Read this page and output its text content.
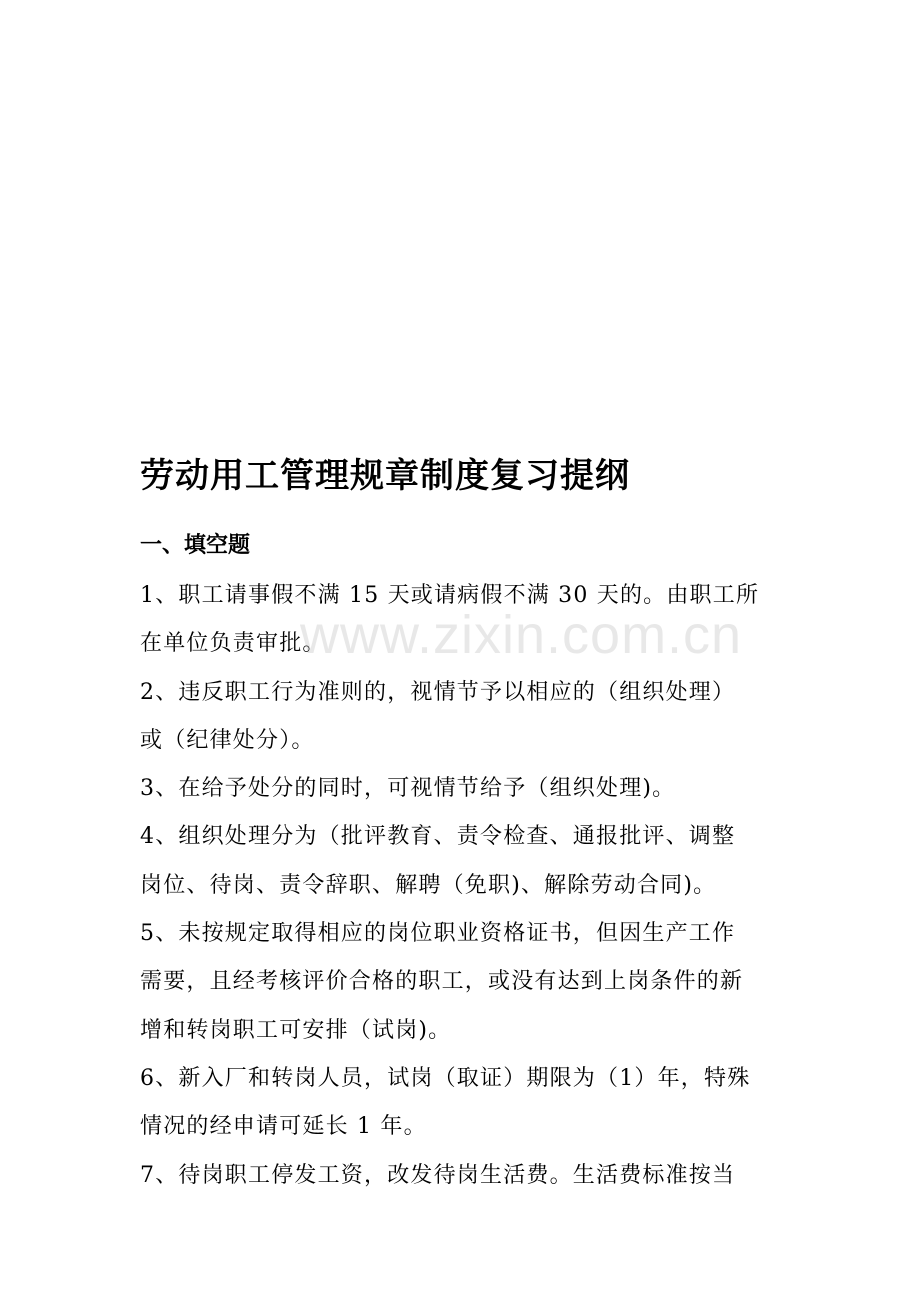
劳动用工管理规章制度复习提纲
一、填空题
1、职工请事假不满 15 天或请病假不满 30 天的。由职工所
在单位负责审批。
2、违反职工行为准则的，视情节予以相应的（组织处理）
或（纪律处分）。
3、在给予处分的同时，可视情节给予（组织处理)。
4、组织处理分为（批评教育、责令检查、通报批评、调整
岗位、待岗、责令辞职、解聘（免职)、解除劳动合同)。
5、未按规定取得相应的岗位职业资格证书，但因生产工作
需要，且经考核评价合格的职工，或没有达到上岗条件的新
增和转岗职工可安排（试岗)。
6、新入厂和转岗人员，试岗（取证）期限为（1）年，特殊
情况的经申请可延长 1 年。
7、待岗职工停发工资，改发待岗生活费。生活费标准按当
www.zixin.com.cn
